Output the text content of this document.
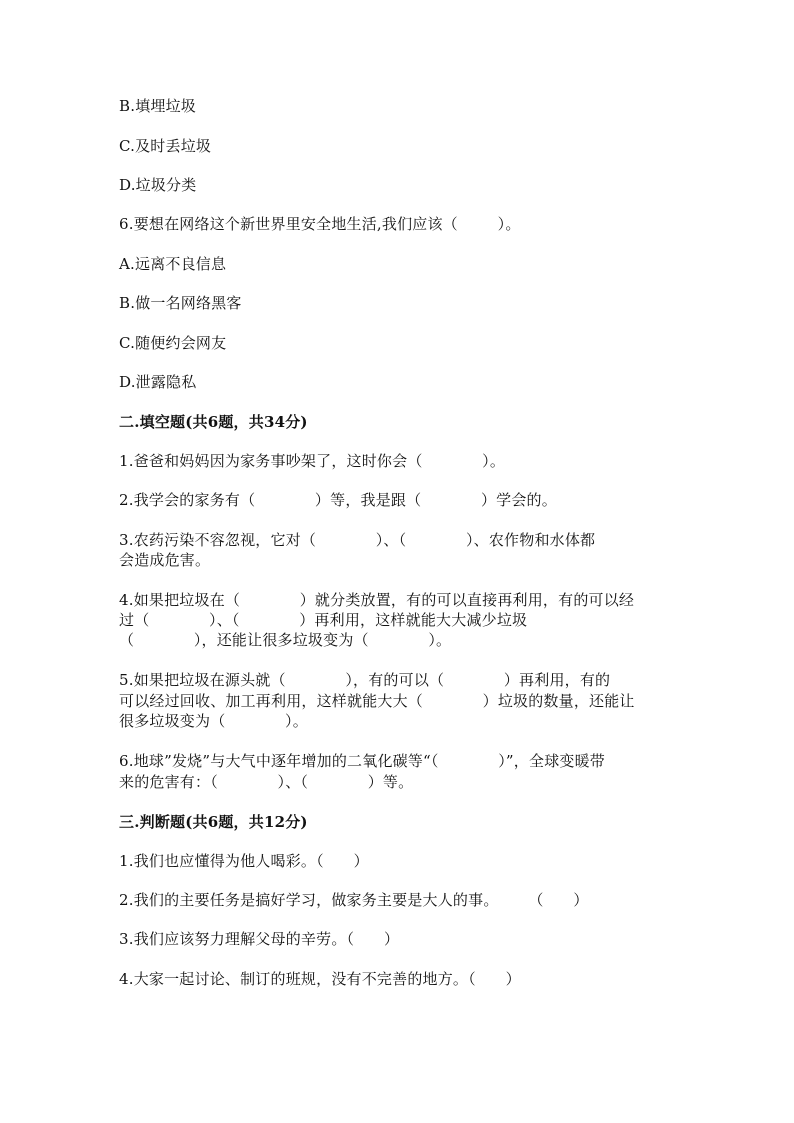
B.填埋垃圾
C.及时丢垃圾
D.垃圾分类
6.要想在网络这个新世界里安全地生活,我们应该（        ）。
A.远离不良信息
B.做一名网络黑客
C.随便约会网友
D.泄露隐私
二.填空题(共6题，共34分)
1.爸爸和妈妈因为家务事吵架了，这时你会（            ）。
2.我学会的家务有（            ）等，我是跟（            ）学会的。
3.农药污染不容忽视，它对（            ）、（            ）、农作物和水体都
会造成危害。
4.如果把垃圾在（            ）就分类放置，有的可以直接再利用，有的可以经
过（            ）、（            ）再利用，这样就能大大减少垃圾
（            ），还能让很多垃圾变为（            ）。
5.如果把垃圾在源头就（            ），有的可以（            ）再利用，有的
可以经过回收、加工再利用，这样就能大大（            ）垃圾的数量，还能让
很多垃圾变为（            ）。
6.地球”发烧”与大气中逐年增加的二氧化碳等“（            ）”，全球变暖带
来的危害有：（            ）、（            ）等。
三.判断题(共6题，共12分)
1.我们也应懂得为他人喝彩。（      ）
2.我们的主要任务是搞好学习，做家务主要是大人的事。      （      ）
3.我们应该努力理解父母的辛劳。（      ）
4.大家一起讨论、制订的班规，没有不完善的地方。（      ）
